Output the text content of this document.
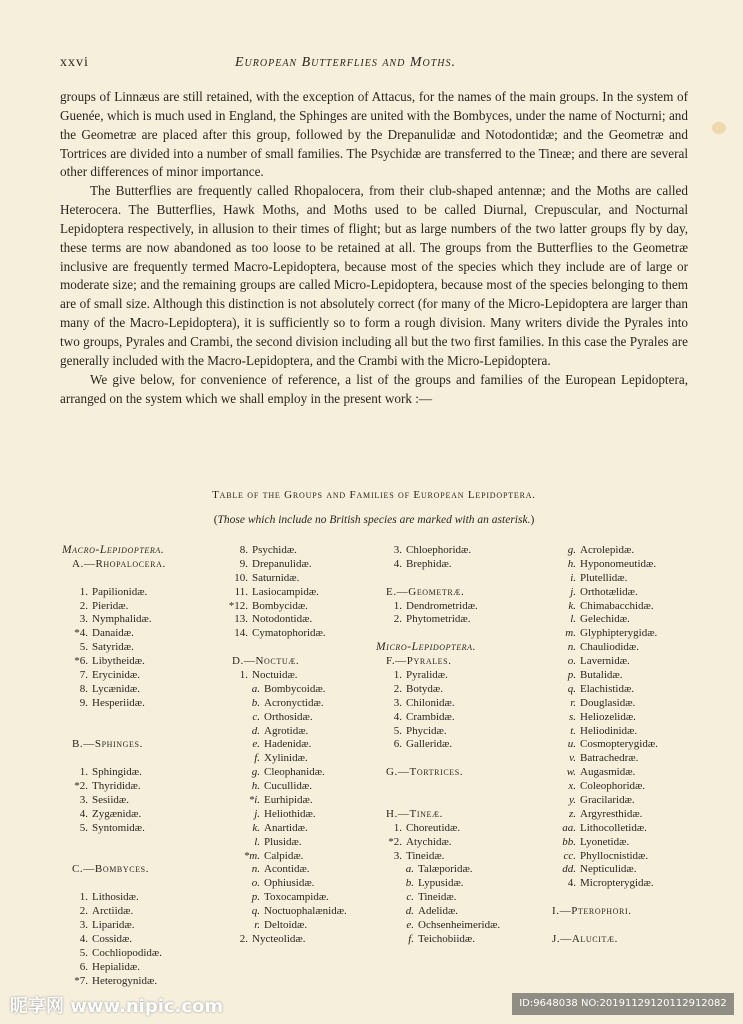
xxvi	European Butterflies and Moths.

groups of Linnæus are still retained, with the exception of Attacus, for the names of the main groups. In the system of Guenée, which is much used in England, the Sphinges are united with the Bombyces, under the name of Nocturni; and the Geometræ are placed after this group, followed by the Drepanulidæ and Notodontidæ; and the Geometræ and Tortrices are divided into a number of small families. The Psychidæ are transferred to the Tineæ; and there are several other differences of minor importance.

The Butterflies are frequently called Rhopalocera, from their club-shaped antennæ; and the Moths are called Heterocera. The Butterflies, Hawk Moths, and Moths used to be called Diurnal, Crepuscular, and Nocturnal Lepidoptera respectively, in allusion to their times of flight; but as large numbers of the two latter groups fly by day, these terms are now abandoned as too loose to be retained at all. The groups from the Butterflies to the Geometræ inclusive are frequently termed Macro-Lepidoptera, because most of the species which they include are of large or moderate size; and the remaining groups are called Micro-Lepidoptera, because most of the species belonging to them are of small size. Although this distinction is not absolutely correct (for many of the Micro-Lepidoptera are larger than many of the Macro-Lepidoptera), it is sufficiently so to form a rough division. Many writers divide the Pyrales into two groups, Pyrales and Crambi, the second division including all but the two first families. In this case the Pyrales are generally included with the Macro-Lepidoptera, and the Crambi with the Micro-Lepidoptera.

We give below, for convenience of reference, a list of the groups and families of the European Lepidoptera, arranged on the system which we shall employ in the present work :—

Table of the Groups and Families of European Lepidoptera.
(Those which include no British species are marked with an asterisk.)
Macro-Lepidoptera.
A.—Rhopalocera.
1. Papilionidæ.
2. Pieridæ.
3. Nymphalidæ.
*4. Danaidæ.
5. Satyridæ.
*6. Libytheidæ.
7. Erycinidæ.
8. Lycænidæ.
9. Hesperiidæ.
B.—Sphinges.
1. Sphingidæ.
*2. Thyrididæ.
3. Sesiidæ.
4. Zygænidæ.
5. Syntomidæ.
C.—Bombyces.
1. Lithosidæ.
2. Arctiidæ.
3. Liparidæ.
4. Cossidæ.
5. Cochliopodidæ.
6. Hepialidæ.
*7. Heterogynidæ.
8. Psychidæ.
9. Drepanulidæ.
10. Saturnidæ.
11. Lasiocampidæ.
*12. Bombycidæ.
13. Notodontidæ.
14. Cymatophoridæ.
D.—Noctuæ.
1. Noctuidæ.
a. Bombycoidæ.
b. Acronyctidæ.
c. Orthosidæ.
d. Agrotidæ.
e. Hadenidæ.
f. Xylinidæ.
g. Cleophanidæ.
h. Cucullidæ.
*i. Eurhipidæ.
j. Heliothidæ.
k. Anartidæ.
l. Plusidæ.
*m. Calpidæ.
n. Acontidæ.
o. Ophiusidæ.
p. Toxocampidæ.
q. Noctuophalænidæ.
r. Deltoidæ.
2. Nycteolidæ.
3. Chloephoridæ.
4. Brephidæ.
E.—Geometræ.
1. Dendrometridæ.
2. Phytometridæ.
Micro-Lepidoptera.
F.—Pyrales.
1. Pyralidæ.
2. Botydæ.
3. Chilonidæ.
4. Crambidæ.
5. Phycidæ.
6. Galleridæ.
G.—Tortrices.
H.—Tineæ.
1. Choreutidæ.
*2. Atychidæ.
3. Tineidæ.
a. Talæporidæ.
b. Lypusidæ.
c. Tineidæ.
d. Adelidæ.
e. Ochsenheimeridæ.
f. Teichobiidæ.
g. Acrolepidæ.
h. Hyponomeutidæ.
i. Plutellidæ.
j. Orthotælidæ.
k. Chimabacchidæ.
l. Gelechidæ.
m. Glyphipterygidæ.
n. Chauliodidæ.
o. Lavernidæ.
p. Butalidæ.
q. Elachistidæ.
r. Douglasidæ.
s. Heliozelidæ.
t. Heliodinidæ.
u. Cosmopterygidæ.
v. Batrachedræ.
w. Augasmidæ.
x. Coleophoridæ.
y. Gracilaridæ.
z. Argyresthidæ.
aa. Lithocolletidæ.
bb. Lyonetidæ.
cc. Phyllocnistidæ.
dd. Nepticulidæ.
4. Micropterygidæ.
I.—Pterophori.
J.—Alucitæ.
昵享网 www.nipic.com	ID:9648038 NO:20191129120112912082
